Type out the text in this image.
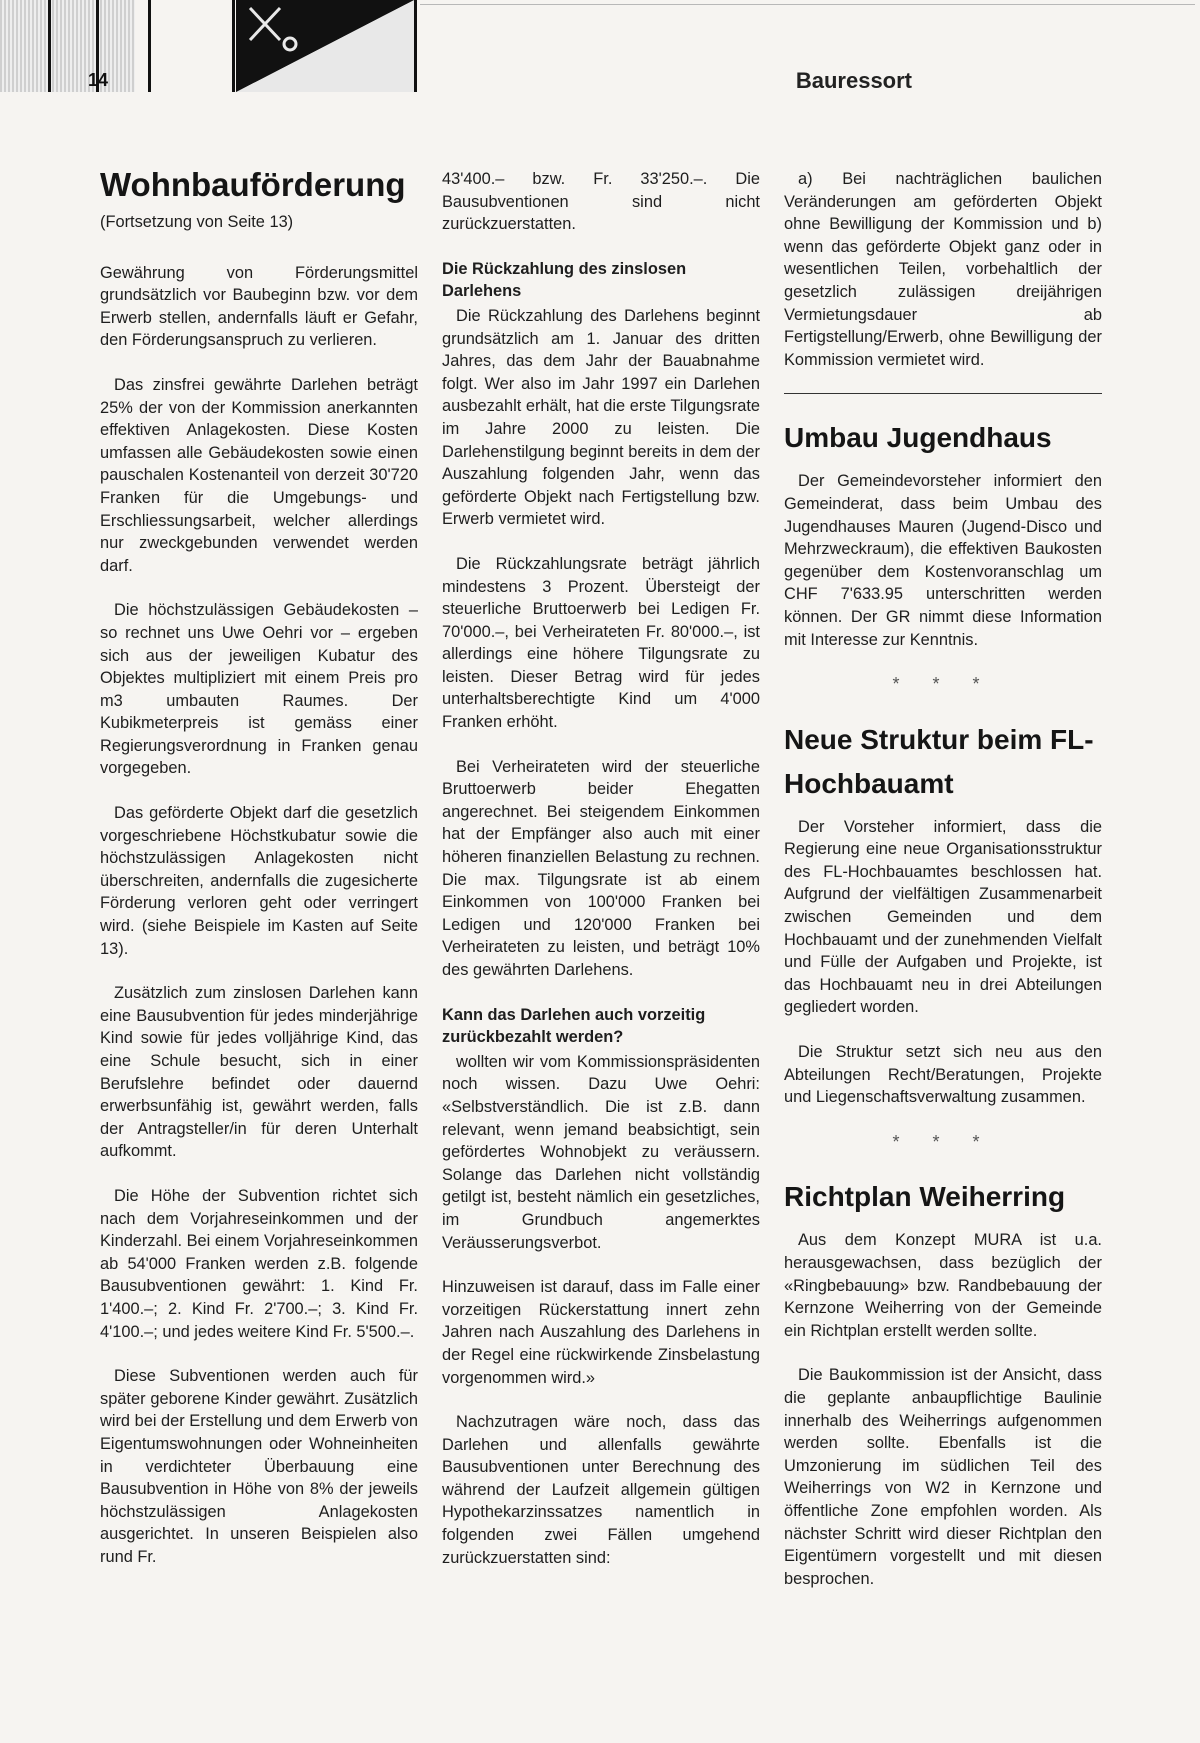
14	Bauressort
Wohnbauförderung
(Fortsetzung von Seite 13)

Gewährung von Förderungsmittel grundsätzlich vor Baubeginn bzw. vor dem Erwerb stellen, andernfalls läuft er Gefahr, den Förderungsanspruch zu verlieren.

Das zinsfrei gewährte Darlehen beträgt 25% der von der Kommission anerkannten effektiven Anlagekosten. Diese Kosten umfassen alle Gebäudekosten sowie einen pauschalen Kostenanteil von derzeit 30'720 Franken für die Umgebungs- und Erschliessungsarbeit, welcher allerdings nur zweckgebunden verwendet werden darf.

Die höchstzulässigen Gebäudekosten – so rechnet uns Uwe Oehri vor – ergeben sich aus der jeweiligen Kubatur des Objektes multipliziert mit einem Preis pro m3 umbauten Raumes. Der Kubikmeterpreis ist gemäss einer Regierungsverordnung in Franken genau vorgegeben.

Das geförderte Objekt darf die gesetzlich vorgeschriebene Höchstkubatur sowie die höchstzulässigen Anlagekosten nicht überschreiten, andernfalls die zugesicherte Förderung verloren geht oder verringert wird. (siehe Beispiele im Kasten auf Seite 13).

Zusätzlich zum zinslosen Darlehen kann eine Bausubvention für jedes minderjährige Kind sowie für jedes volljährige Kind, das eine Schule besucht, sich in einer Berufslehre befindet oder dauernd erwerbsunfähig ist, gewährt werden, falls der Antragsteller/in für deren Unterhalt aufkommt.

Die Höhe der Subvention richtet sich nach dem Vorjahreseinkommen und der Kinderzahl. Bei einem Vorjahreseinkommen ab 54'000 Franken werden z.B. folgende Bausubventionen gewährt: 1. Kind Fr. 1'400.–; 2. Kind Fr. 2'700.–; 3. Kind Fr. 4'100.–; und jedes weitere Kind Fr. 5'500.–.

Diese Subventionen werden auch für später geborene Kinder gewährt. Zusätzlich wird bei der Erstellung und dem Erwerb von Eigentumswohnungen oder Wohneinheiten in verdichteter Überbauung eine Bausubvention in Höhe von 8% der jeweils höchstzulässigen Anlagekosten ausgerichtet. In unseren Beispielen also rund Fr.

43'400.– bzw. Fr. 33'250.–. Die Bausubventionen sind nicht zurückzuerstatten.

Die Rückzahlung des zinslosen Darlehens

Die Rückzahlung des Darlehens beginnt grundsätzlich am 1. Januar des dritten Jahres, das dem Jahr der Bauabnahme folgt. Wer also im Jahr 1997 ein Darlehen ausbezahlt erhält, hat die erste Tilgungsrate im Jahre 2000 zu leisten. Die Darlehenstilgung beginnt bereits in dem der Auszahlung folgenden Jahr, wenn das geförderte Objekt nach Fertigstellung bzw. Erwerb vermietet wird.

Die Rückzahlungsrate beträgt jährlich mindestens 3 Prozent. Übersteigt der steuerliche Bruttoerwerb bei Ledigen Fr. 70'000.–, bei Verheirateten Fr. 80'000.–, ist allerdings eine höhere Tilgungsrate zu leisten. Dieser Betrag wird für jedes unterhaltsberechtigte Kind um 4'000 Franken erhöht.

Bei Verheirateten wird der steuerliche Bruttoerwerb beider Ehegatten angerechnet. Bei steigendem Einkommen hat der Empfänger also auch mit einer höheren finanziellen Belastung zu rechnen. Die max. Tilgungsrate ist ab einem Einkommen von 100'000 Franken bei Ledigen und 120'000 Franken bei Verheirateten zu leisten, und beträgt 10% des gewährten Darlehens.

Kann das Darlehen auch vorzeitig zurückbezahlt werden?

wollten wir vom Kommissionspräsidenten noch wissen. Dazu Uwe Oehri: «Selbstverständlich. Die ist z.B. dann relevant, wenn jemand beabsichtigt, sein gefördertes Wohnobjekt zu veräussern. Solange das Darlehen nicht vollständig getilgt ist, besteht nämlich ein gesetzliches, im Grundbuch angemerktes Veräusserungsverbot.

Hinzuweisen ist darauf, dass im Falle einer vorzeitigen Rückerstattung innert zehn Jahren nach Auszahlung des Darlehens in der Regel eine rückwirkende Zinsbelastung vorgenommen wird.»

Nachzutragen wäre noch, dass das Darlehen und allenfalls gewährte Bausubventionen unter Berechnung des während der Laufzeit allgemein gültigen Hypothekarzinssatzes namentlich in folgenden zwei Fällen umgehend zurückzuerstatten sind:

a) Bei nachträglichen baulichen Veränderungen am geförderten Objekt ohne Bewilligung der Kommission und b) wenn das geförderte Objekt ganz oder in wesentlichen Teilen, vorbehaltlich der gesetzlich zulässigen dreijährigen Vermietungsdauer ab Fertigstellung/Erwerb, ohne Bewilligung der Kommission vermietet wird.

Umbau Jugendhaus

Der Gemeindevorsteher informiert den Gemeinderat, dass beim Umbau des Jugendhauses Mauren (Jugend-Disco und Mehrzweckraum), die effektiven Baukosten gegenüber dem Kostenvoranschlag um CHF 7'633.95 unterschritten werden können. Der GR nimmt diese Information mit Interesse zur Kenntnis.

* * *
Neue Struktur beim FL-Hochbauamt

Der Vorsteher informiert, dass die Regierung eine neue Organisationsstruktur des FL-Hochbauamtes beschlossen hat. Aufgrund der vielfältigen Zusammenarbeit zwischen Gemeinden und dem Hochbauamt und der zunehmenden Vielfalt und Fülle der Aufgaben und Projekte, ist das Hochbauamt neu in drei Abteilungen gegliedert worden.

Die Struktur setzt sich neu aus den Abteilungen Recht/Beratungen, Projekte und Liegenschaftsverwaltung zusammen.

* * *
Richtplan Weiherring

Aus dem Konzept MURA ist u.a. herausgewachsen, dass bezüglich der «Ringbebauung» bzw. Randbebauung der Kernzone Weiherring von der Gemeinde ein Richtplan erstellt werden sollte.

Die Baukommission ist der Ansicht, dass die geplante anbaupflichtige Baulinie innerhalb des Weiherrings aufgenommen werden sollte. Ebenfalls ist die Umzonierung im südlichen Teil des Weiherrings von W2 in Kernzone und öffentliche Zone empfohlen worden. Als nächster Schritt wird dieser Richtplan den Eigentümern vorgestellt und mit diesen besprochen.
